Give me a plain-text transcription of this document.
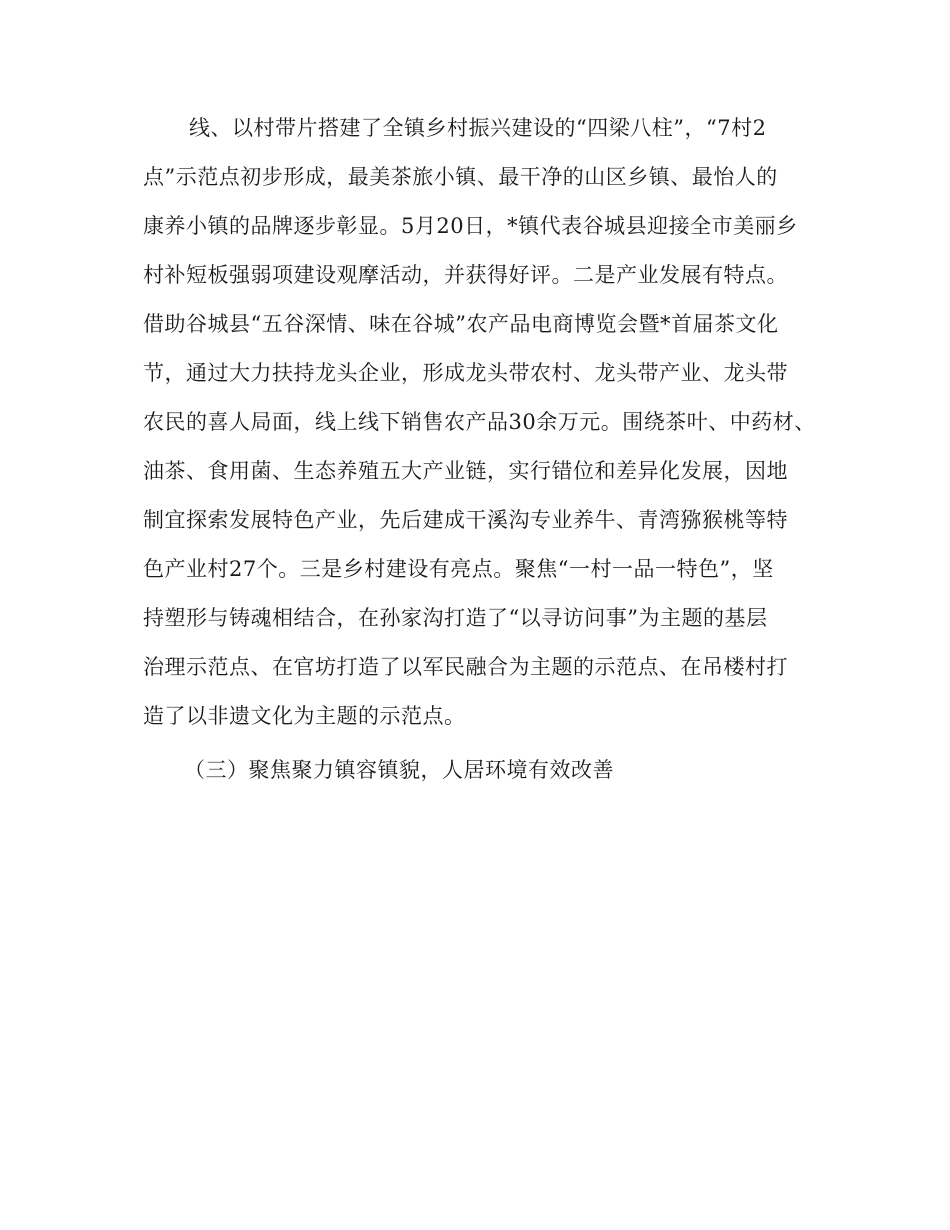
线、以村带片搭建了全镇乡村振兴建设的“四梁八柱”，“7村2
点”示范点初步形成，最美茶旅小镇、最干净的山区乡镇、最怡人的
康养小镇的品牌逐步彰显。5月20日，*镇代表谷城县迎接全市美丽乡
村补短板强弱项建设观摩活动，并获得好评。二是产业发展有特点。
借助谷城县“五谷深情、味在谷城”农产品电商博览会暨*首届茶文化
节，通过大力扶持龙头企业，形成龙头带农村、龙头带产业、龙头带
农民的喜人局面，线上线下销售农产品30余万元。围绕茶叶、中药材、
油茶、食用菌、生态养殖五大产业链，实行错位和差异化发展，因地
制宜探索发展特色产业，先后建成干溪沟专业养牛、青湾猕猴桃等特
色产业村27个。三是乡村建设有亮点。聚焦“一村一品一特色”，坚
持塑形与铸魂相结合，在孙家沟打造了“以寻访问事”为主题的基层
治理示范点、在官坊打造了以军民融合为主题的示范点、在吊楼村打
造了以非遗文化为主题的示范点。
（三）聚焦聚力镇容镇貌，人居环境有效改善
